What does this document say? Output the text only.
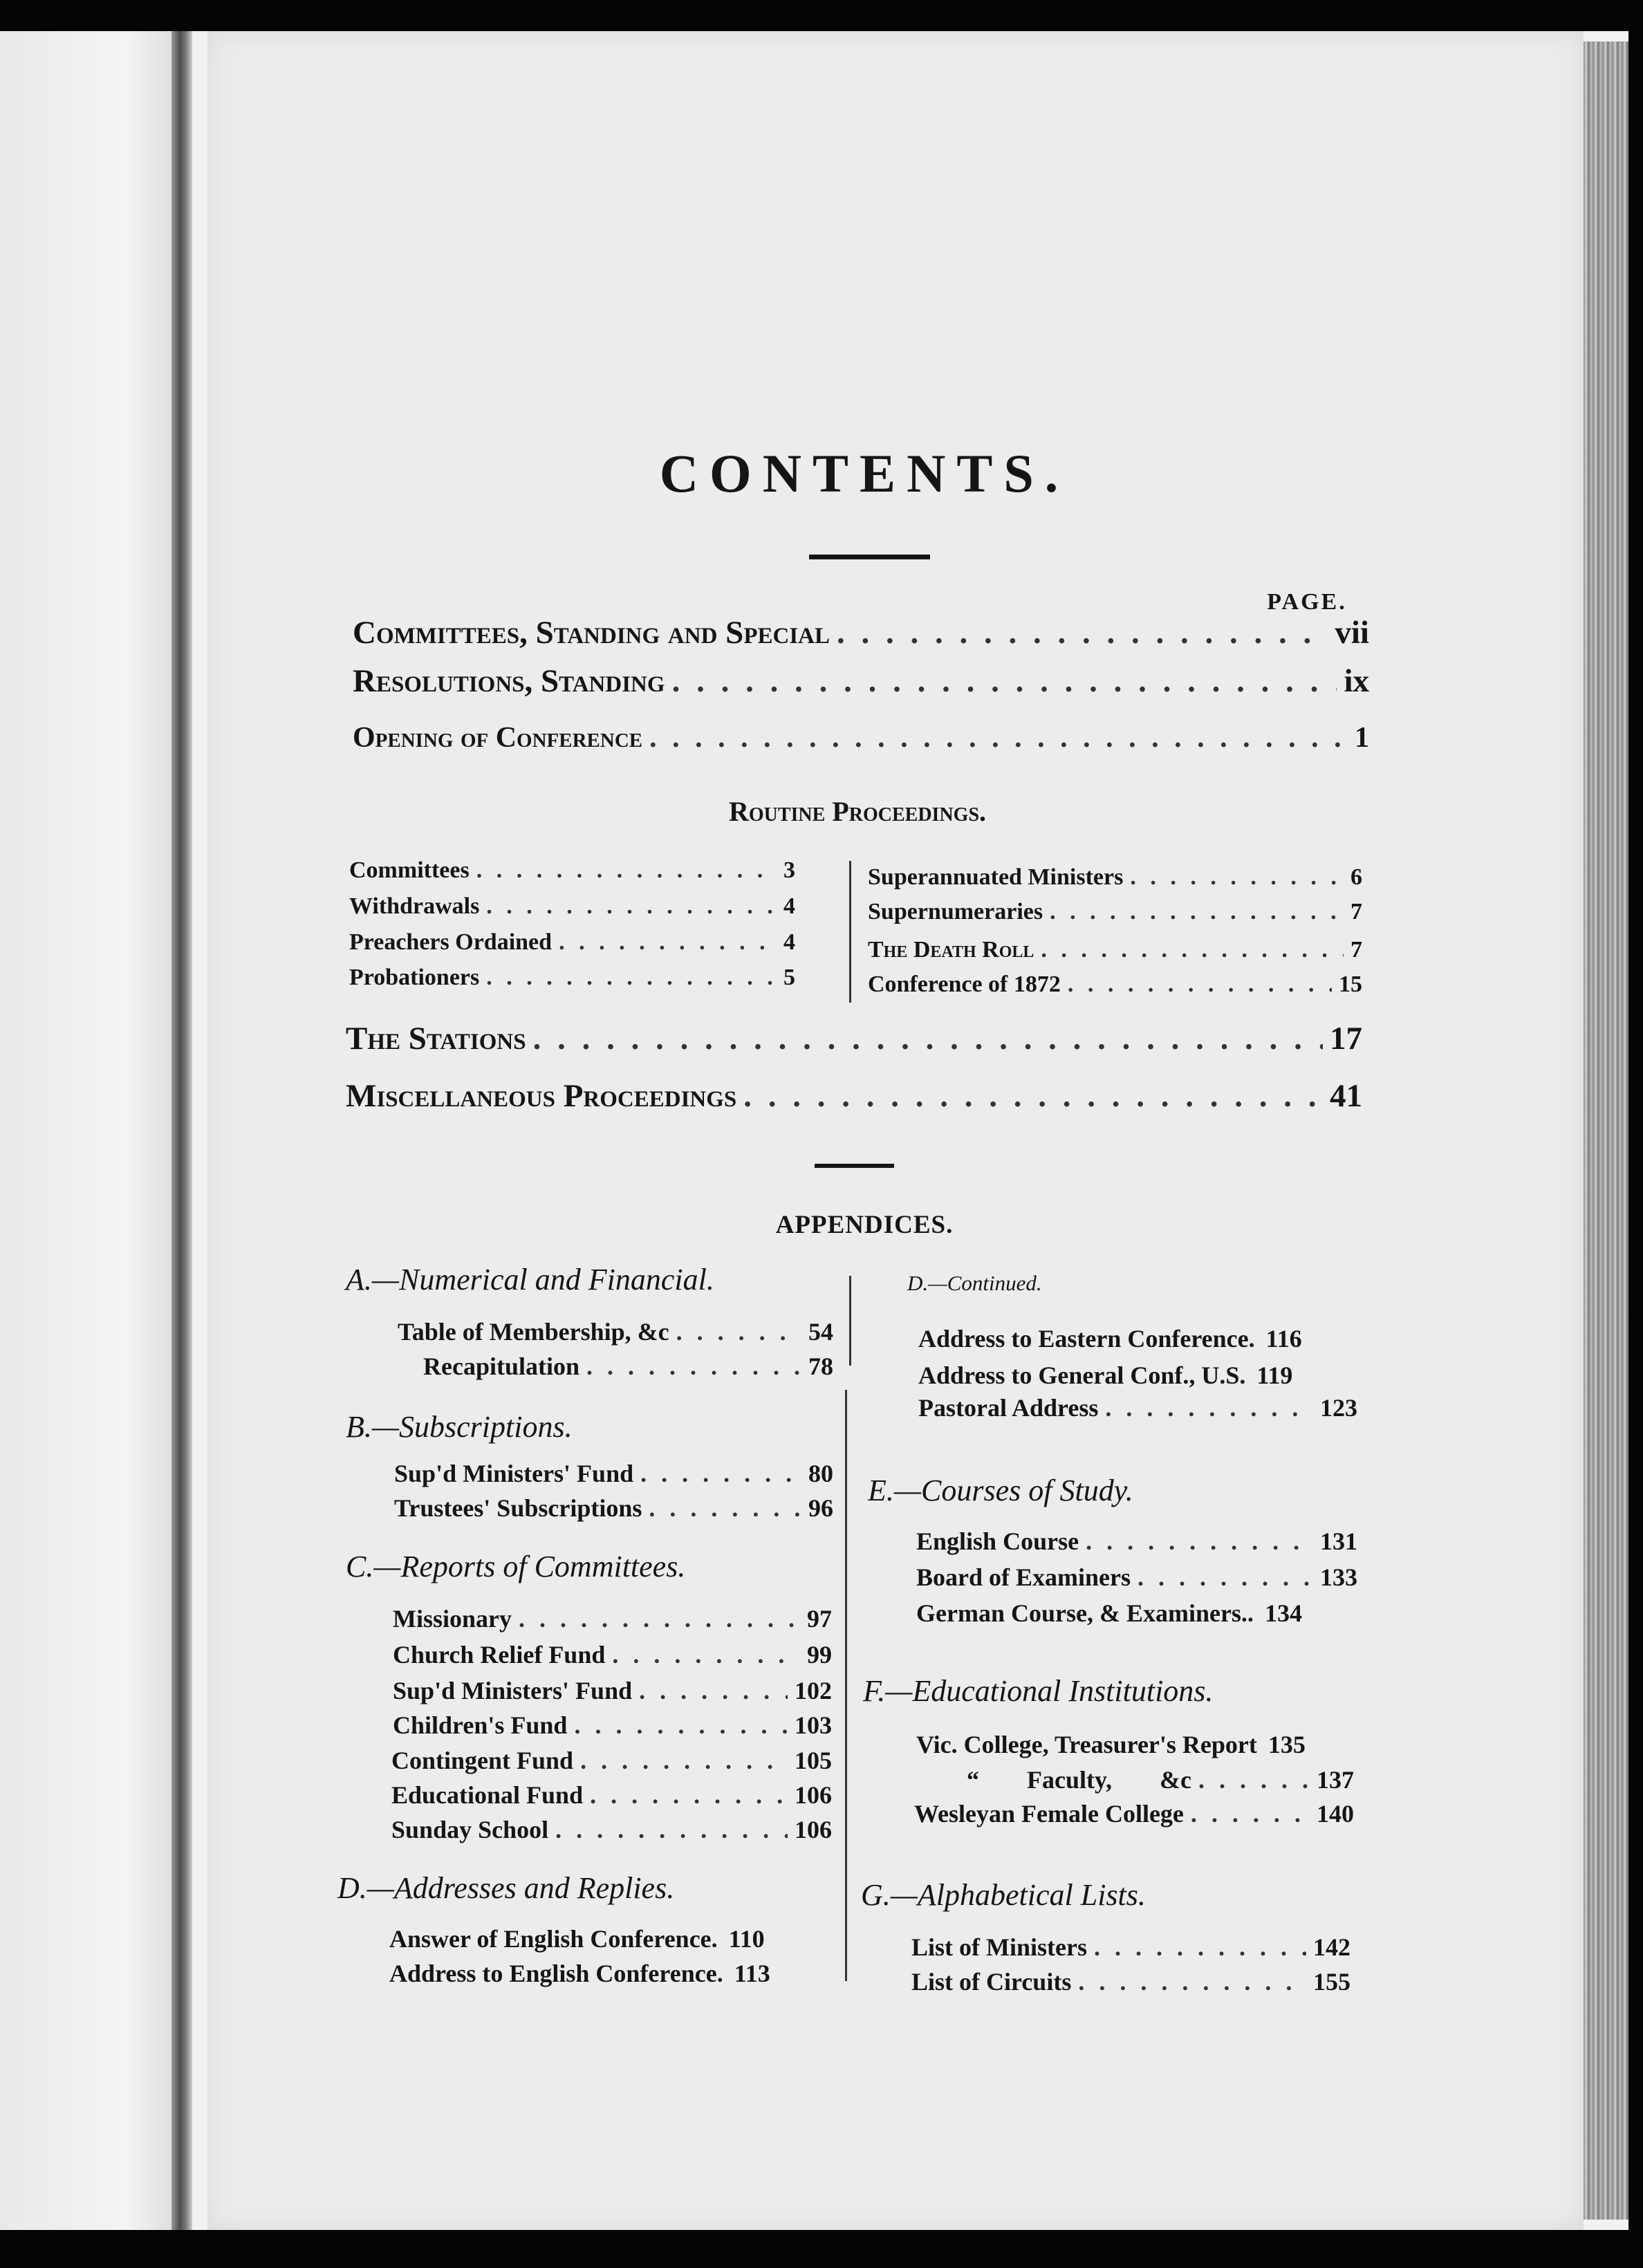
CONTENTS.
PAGE.
Committees, Standing and Special . . .	vii
Resolutions, Standing . . .	ix
Opening of Conference . . .	1
Routine Proceedings.
Committees . . .	3
Withdrawals . . .	4
Preachers Ordained . . .	4
Probationers . . .	5
Superannuated Ministers . . .	6
Supernumeraries . . .	7
The Death Roll . . .	7
Conference of 1872 . . .	15
The Stations . . .	17
Miscellaneous Proceedings . . .	41
APPENDICES.
A.—Numerical and Financial.
Table of Membership, &c . . .	54
Recapitulation . . .	78
B.—Subscriptions.
Sup'd Ministers' Fund . . .	80
Trustees' Subscriptions . . .	96
C.—Reports of Committees.
Missionary . . .	97
Church Relief Fund . . .	99
Sup'd Ministers' Fund . . .	102
Children's Fund . . .	103
Contingent Fund . . .	105
Educational Fund . . .	106
Sunday School . . .	106
D.—Addresses and Replies.
Answer of English Conference. 110
Address to English Conference. 113
D.—Continued.
Address to Eastern Conference. 116
Address to General Conf., U.S. 119
Pastoral Address . . .	123
E.—Courses of Study.
English Course . . .	131
Board of Examiners . . .	133
German Course, & Examiners.. 134
F.—Educational Institutions.
Vic. College, Treasurer's Report 135
“ Faculty, &c . . .	137
Wesleyan Female College . . .	140
G.—Alphabetical Lists.
List of Ministers . . .	142
List of Circuits . . .	155
